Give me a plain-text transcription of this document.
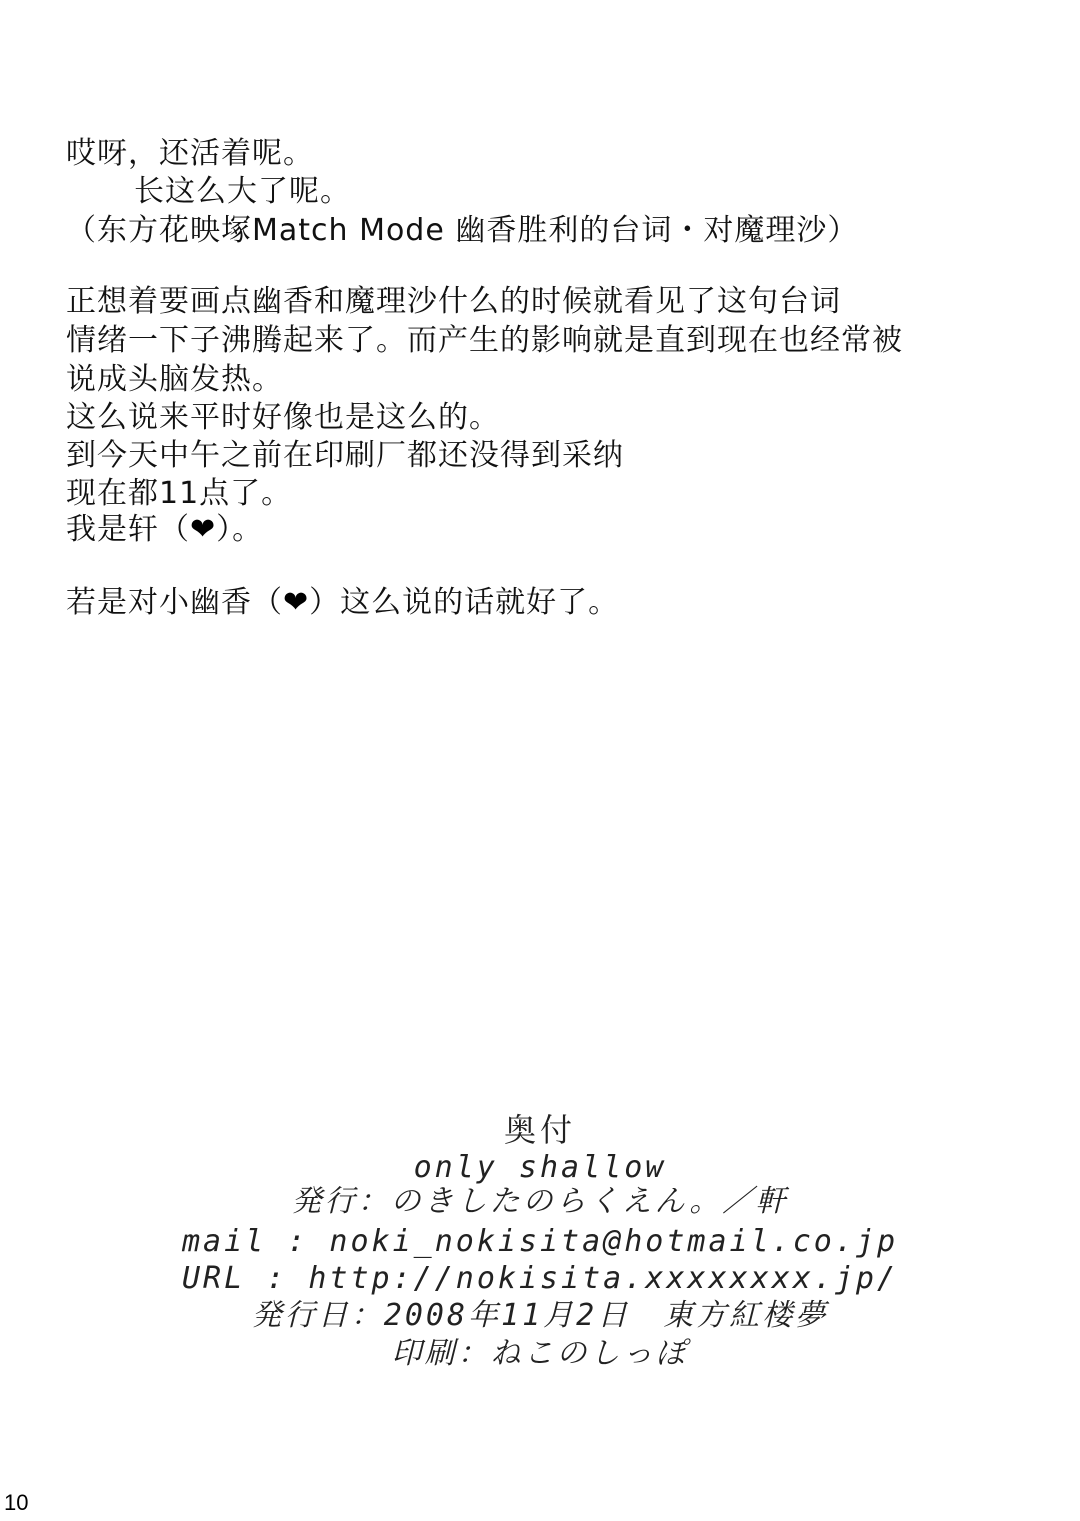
哎呀，还活着呢。
长这么大了呢。
（东方花映塚Match Mode 幽香胜利的台词・对魔理沙）
正想着要画点幽香和魔理沙什么的时候就看见了这句台词
情绪一下子沸腾起来了。而产生的影响就是直到现在也经常被
说成头脑发热。
这么说来平时好像也是这么的。
到今天中午之前在印刷厂都还没得到采纳
现在都11点了。
我是轩（❤）。
若是对小幽香（❤）这么说的话就好了。
奥付
only shallow
発行：のきしたのらくえん。／軒
mail : noki_nokisita@hotmail.co.jp
URL : http://nokisita.xxxxxxxx.jp/
発行日：2008年11月2日　東方紅楼夢
印刷：ねこのしっぽ
10
